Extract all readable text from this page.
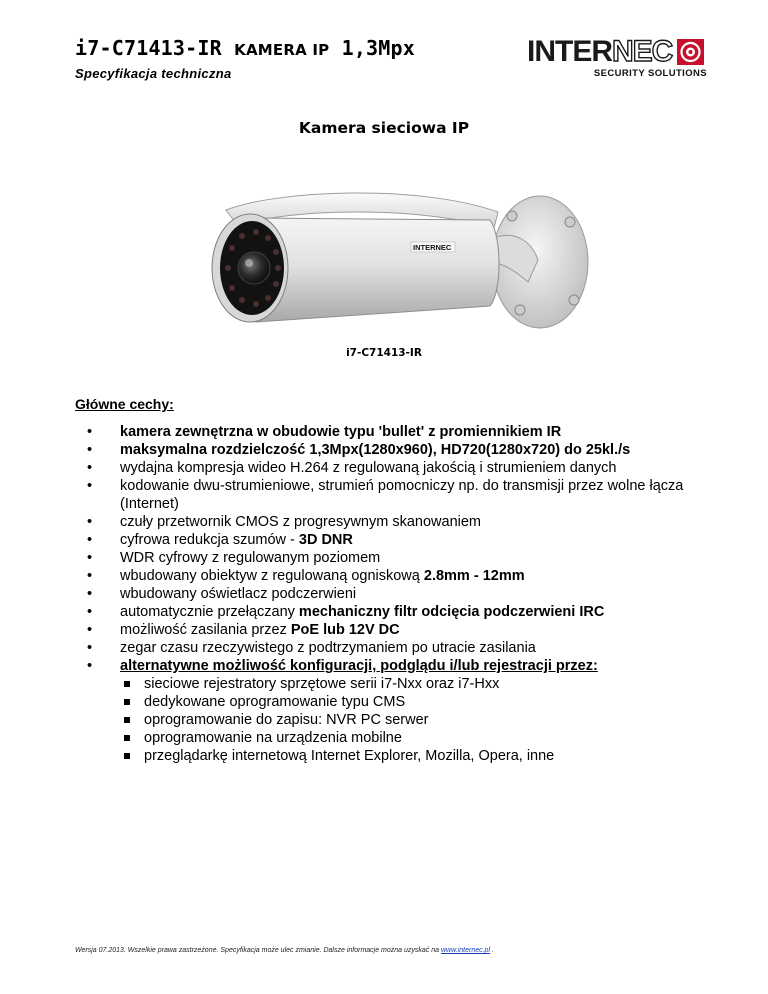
i7-C71413-IR KAMERA IP 1,3Mpx

Specyfikacja techniczna

INTERNEC
SECURITY SOLUTIONS
Kamera sieciowa IP
INTERNEC
i7-C71413-IR
Główne cechy:
• kamera zewnętrzna w obudowie typu 'bullet' z promiennikiem IR
• maksymalna rozdzielczość 1,3Mpx(1280x960), HD720(1280x720) do 25kl./s
• wydajna kompresja wideo H.264 z regulowaną jakością i strumieniem danych
• kodowanie dwu-strumieniowe, strumień pomocniczy np. do transmisji przez wolne łącza (Internet)
• czuły przetwornik CMOS z progresywnym skanowaniem
• cyfrowa redukcja szumów - 3D DNR
• WDR cyfrowy z regulowanym poziomem
• wbudowany obiektyw z regulowaną ogniskową 2.8mm - 12mm
• wbudowany oświetlacz podczerwieni
• automatycznie przełączany mechaniczny filtr odcięcia podczerwieni IRC
• możliwość zasilania przez PoE lub 12V DC
• zegar czasu rzeczywistego z podtrzymaniem po utracie zasilania
• alternatywne możliwość konfiguracji, podglądu i/lub rejestracji przez:
sieciowe rejestratory sprzętowe serii i7-Nxx oraz i7-Hxx
dedykowane oprogramowanie typu CMS
oprogramowanie do zapisu: NVR PC serwer
oprogramowanie na urządzenia mobilne
przeglądarkę internetową Internet Explorer, Mozilla, Opera, inne

Wersja 07.2013. Wszelkie prawa zastrzeżone. Specyfikacja może ulec zmianie. Dalsze informacje można uzyskać na www.internec.pl .
